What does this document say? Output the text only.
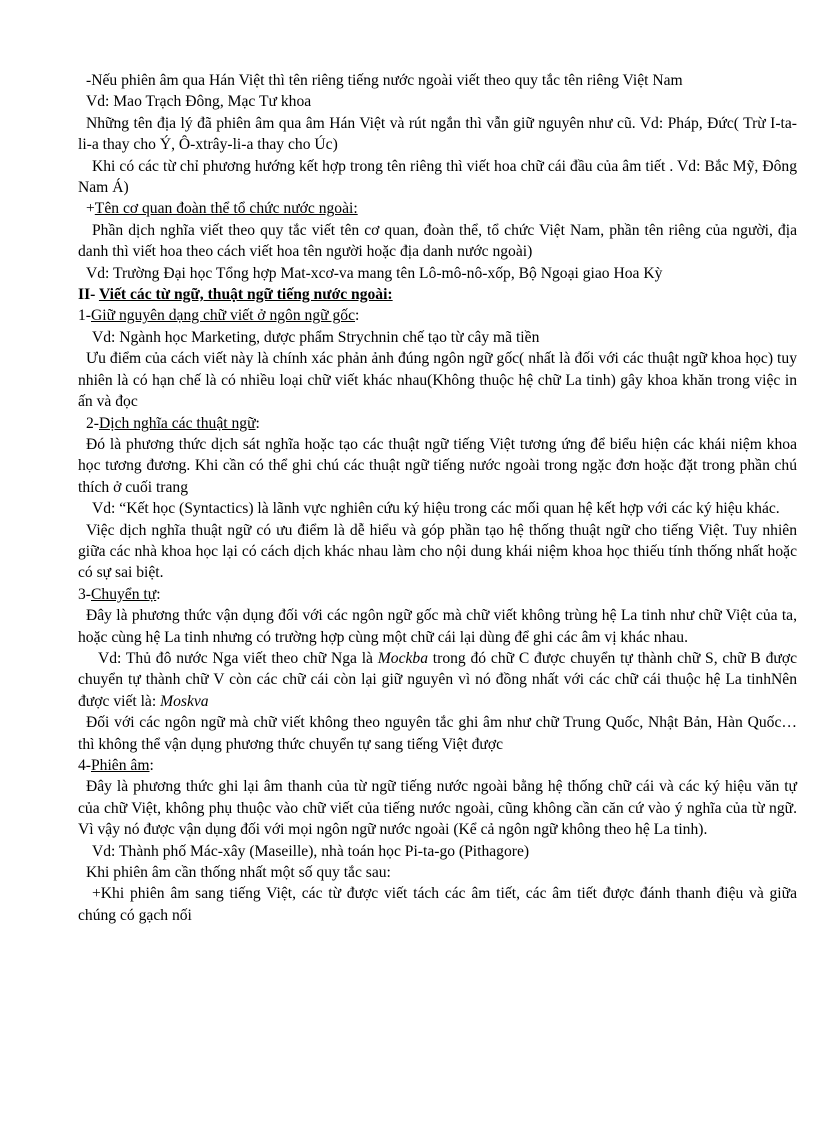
-Nếu phiên âm qua Hán Việt thì tên riêng tiếng nước ngoài viết theo quy tắc tên riêng Việt Nam

Vd: Mao Trạch Đông, Mạc Tư khoa

Những tên địa lý đã phiên âm qua âm Hán Việt và rút ngắn thì vẫn giữ nguyên như cũ. Vd: Pháp, Đức( Trừ I-ta-li-a thay cho Ý, Ô-xtrây-li-a thay cho Úc)

Khi có các từ chỉ phương hướng kết hợp trong tên riêng thì viết hoa chữ cái đầu của âm tiết . Vd: Bắc Mỹ, Đông Nam Á)

+Tên cơ quan đoàn thể tổ chức nước ngoài:

Phần dịch nghĩa viết theo quy tắc viết tên cơ quan, đoàn thể, tổ chức Việt Nam, phần tên riêng của người, địa danh thì viết hoa theo cách viết hoa tên người hoặc địa danh nước ngoài)

Vd: Trường Đại học Tổng hợp Mat-xcơ-va mang tên Lô-mô-nô-xốp, Bộ Ngoại giao Hoa Kỳ

II- Viết các từ ngữ, thuật ngữ tiếng nước ngoài:

1-Giữ nguyên dạng chữ viết ở ngôn ngữ gốc:

Vd: Ngành học Marketing, dược phẩm Strychnin chế tạo từ cây mã tiền

Ưu điểm của cách viết này là chính xác phản ảnh đúng ngôn ngữ gốc( nhất là đối với các thuật ngữ khoa học) tuy nhiên là có hạn chế là có nhiều loại chữ viết khác nhau(Không thuộc hệ chữ La tinh) gây khoa khăn trong việc in ấn và đọc

2-Dịch nghĩa các thuật ngữ:

Đó là phương thức dịch sát nghĩa hoặc tạo các thuật ngữ tiếng Việt tương ứng để biểu hiện các khái niệm khoa học tương đương. Khi cần có thể ghi chú các thuật ngữ tiếng nước ngoài trong ngặc đơn hoặc đặt trong phần chú thích ở cuối trang

Vd: “Kết học (Syntactics) là lãnh vực nghiên cứu ký hiệu trong các mối quan hệ kết hợp với các ký hiệu khác.

Việc dịch nghĩa thuật ngữ có ưu điểm là dễ hiểu và góp phần tạo hệ thống thuật ngữ cho tiếng Việt. Tuy nhiên giữa các nhà khoa học lại có cách dịch khác nhau làm cho nội dung khái niệm khoa học thiếu tính thống nhất hoặc có sự sai biệt.

3-Chuyển tự:

Đây là phương thức vận dụng đối với các ngôn ngữ gốc mà chữ viết không trùng hệ La tinh như chữ Việt của ta, hoặc cùng hệ La tinh nhưng có trường hợp cùng một chữ cái lại dùng để ghi các âm vị khác nhau.

Vd: Thủ đô nước Nga viết theo chữ Nga là Mockba trong đó chữ C được chuyển tự thành chữ S, chữ B được chuyển tự thành chữ V còn các chữ cái còn lại giữ nguyên vì nó đồng nhất với các chữ cái thuộc hệ La tinhNên được viết là: Moskva

Đối với các ngôn ngữ mà chữ viết không theo nguyên tắc ghi âm như chữ Trung Quốc, Nhật Bản, Hàn Quốc… thì không thể vận dụng phương thức chuyển tự sang tiếng Việt được

4-Phiên âm:

Đây là phương thức ghi lại âm thanh của từ ngữ tiếng nước ngoài bằng hệ thống chữ cái và các ký hiệu văn tự của chữ Việt, không phụ thuộc vào chữ viết của tiếng nước ngoài, cũng không cần căn cứ vào ý nghĩa của từ ngữ. Vì vậy nó được vận dụng đối với mọi ngôn ngữ nước ngoài (Kể cả ngôn ngữ không theo hệ La tinh).

Vd: Thành phố Mác-xây (Maseille), nhà toán học Pi-ta-go (Pithagore)

Khi phiên âm cần thống nhất một số quy tắc sau:

+Khi phiên âm sang tiếng Việt, các từ được viết tách các âm tiết, các âm tiết được đánh thanh điệu và giữa chúng có gạch nối
